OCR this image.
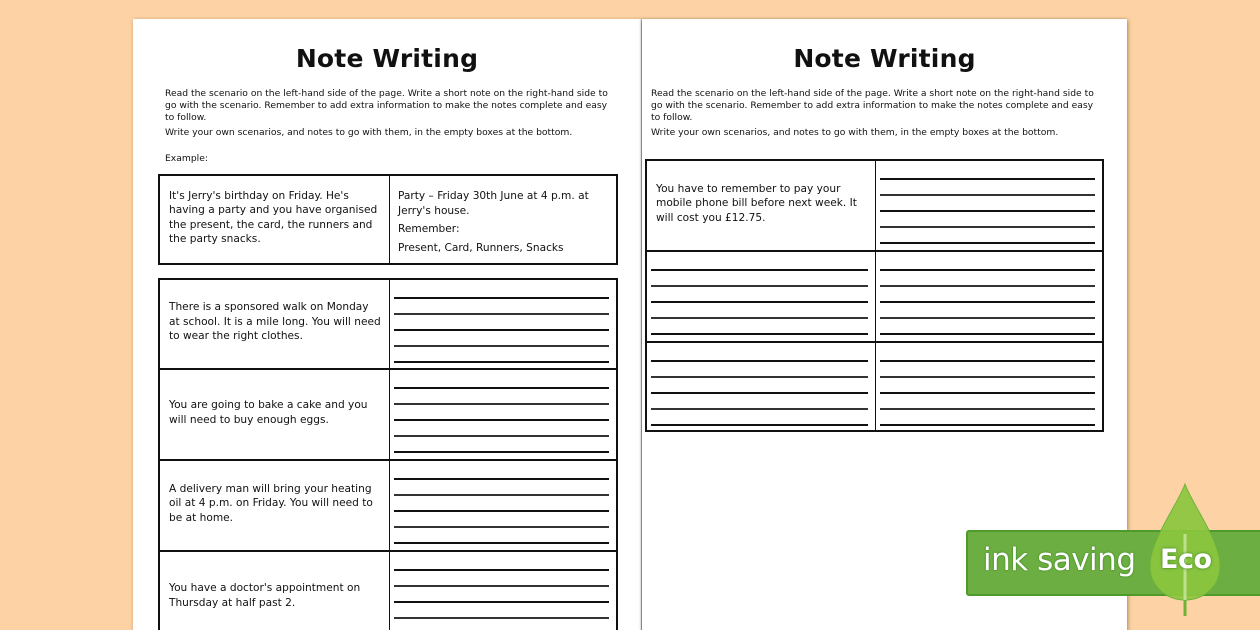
Note Writing

Read the scenario on the left-hand side of the page. Write a short note on the right-hand side to go with the scenario. Remember to add extra information to make the notes complete and easy to follow.

Write your own scenarios, and notes to go with them, in the empty boxes at the bottom.

Example:
It's Jerry's birthday on Friday. He's having a party and you have organised the present, the card, the runners and the party snacks.

Party – Friday 30th June at 4 p.m. at Jerry's house.

Remember:

Present, Card, Runners, Snacks

There is a sponsored walk on Monday at school. It is a mile long. You will need to wear the right clothes.
You are going to bake a cake and you will need to buy enough eggs.
A delivery man will bring your heating oil at 4 p.m. on Friday. You will need to be at home.
You have a doctor's appointment on Thursday at half past 2.
Note Writing

Read the scenario on the left-hand side of the page. Write a short note on the right-hand side to go with the scenario. Remember to add extra information to make the notes complete and easy to follow.

Write your own scenarios, and notes to go with them, in the empty boxes at the bottom.

You have to remember to pay your mobile phone bill before next week. It will cost you £12.75.
ink saving Eco
